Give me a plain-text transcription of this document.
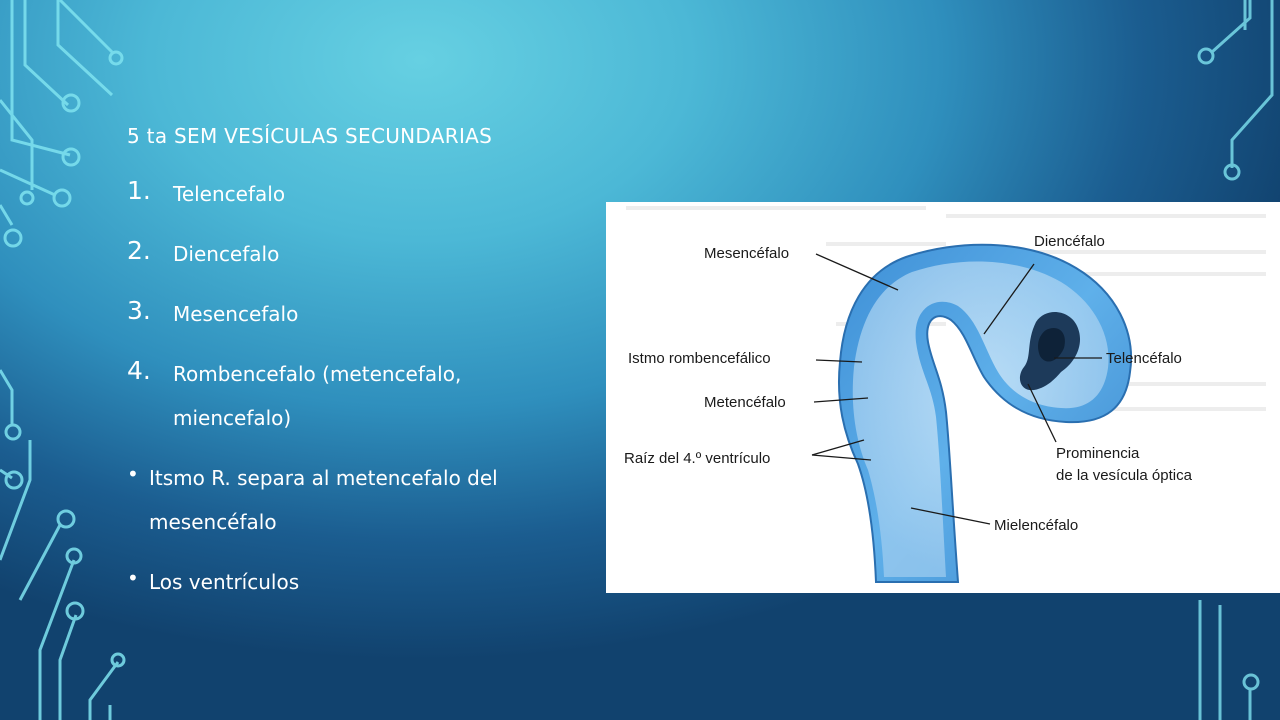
5 ta SEM VESÍCULAS SECUNDARIAS
1. Telencefalo
2. Diencefalo
3. Mesencefalo
4. Rombencefalo (metencefalo,
miencefalo)
• Itsmo R. separa al metencefalo del
mesencéfalo
• Los ventrículos
Mesencéfalo
Diencéfalo
Istmo rombencefálico	Telencéfalo
Metencéfalo
Raíz del 4.º ventrículo	Prominencia
de la vesícula óptica
Mielencéfalo
